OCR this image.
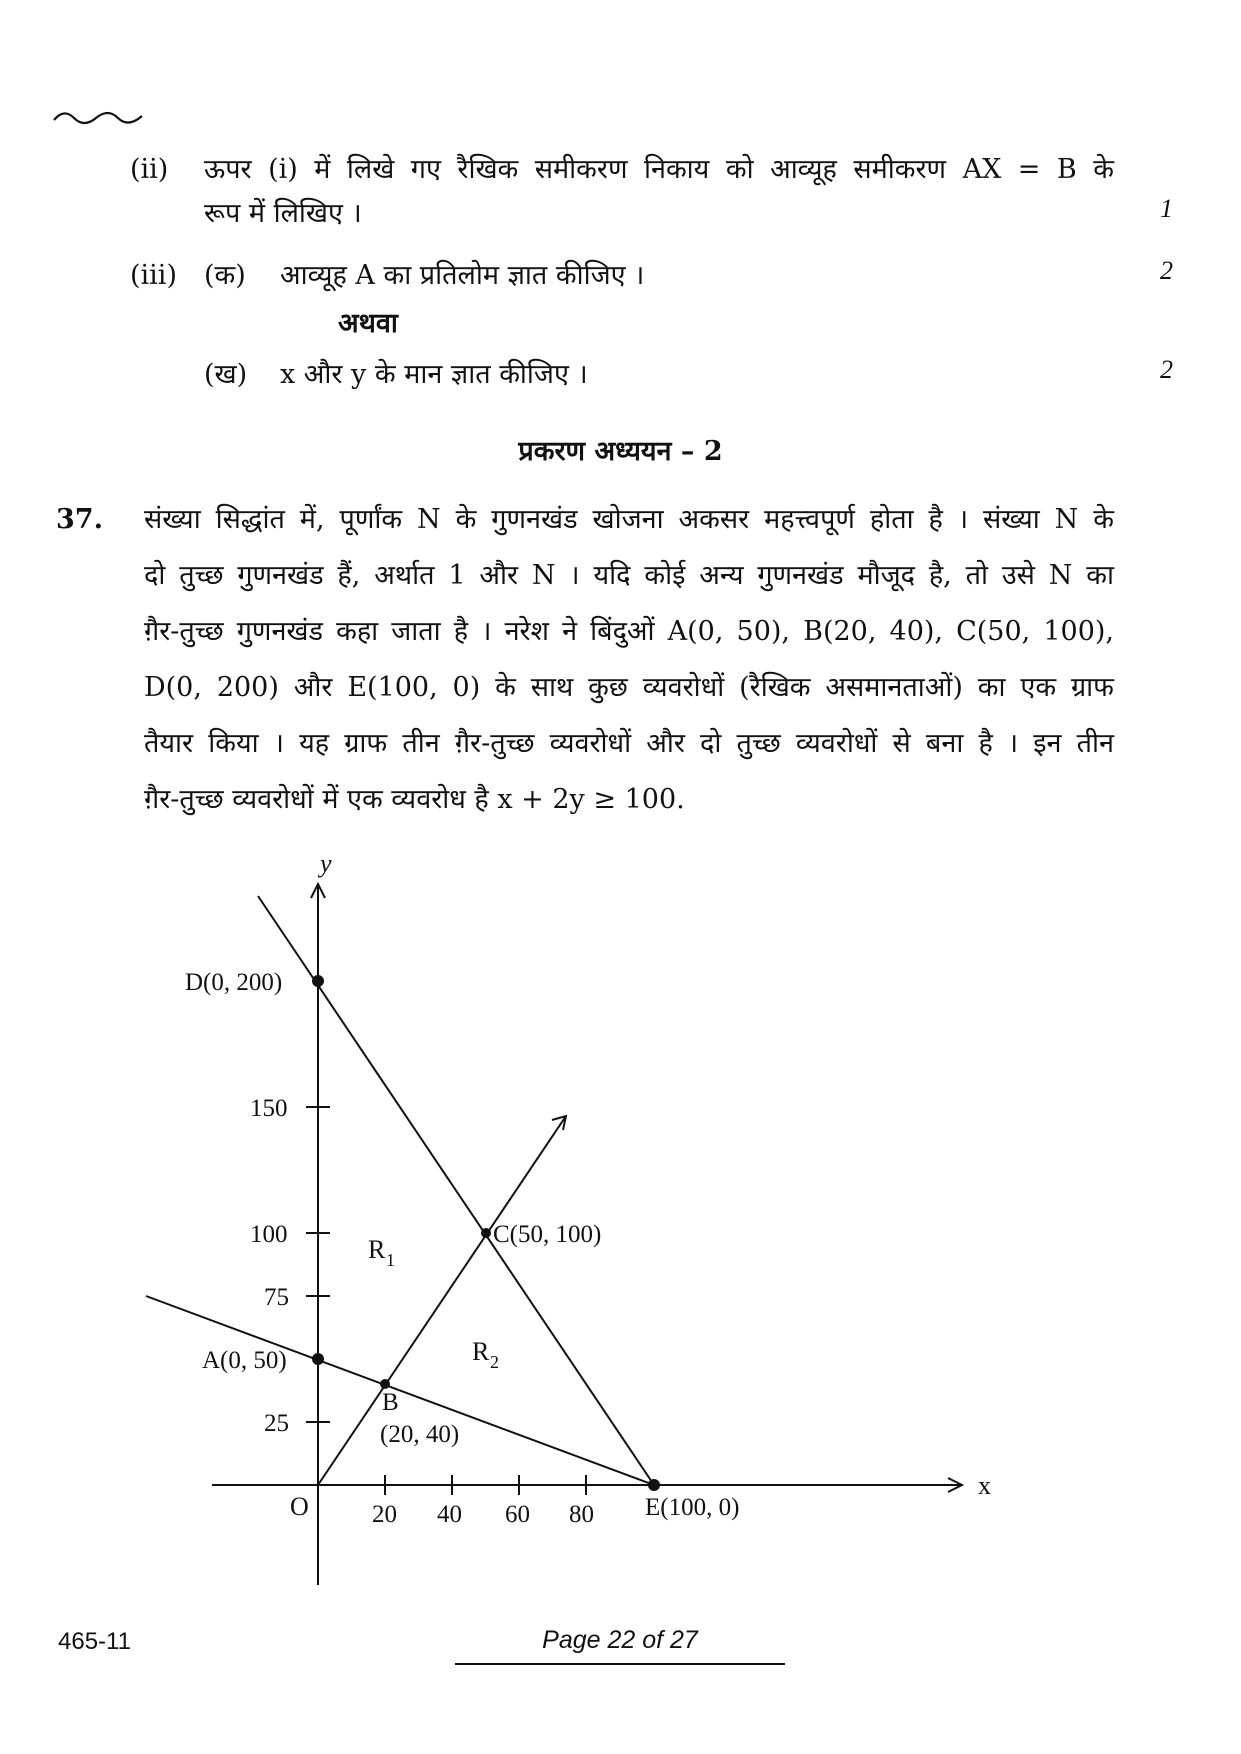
(ii) ऊपर (i) में लिखे गए रैखिक समीकरण निकाय को आव्यूह समीकरण AX = B के
रूप में लिखिए ।	1
(iii) (क) आव्यूह A का प्रतिलोम ज्ञात कीजिए ।	2
अथवा
(ख) x और y के मान ज्ञात कीजिए ।	2
प्रकरण अध्ययन – 2
37. संख्या सिद्धांत में, पूर्णांक N के गुणनखंड खोजना अकसर महत्त्वपूर्ण होता है । संख्या N के
दो तुच्छ गुणनखंड हैं, अर्थात 1 और N । यदि कोई अन्य गुणनखंड मौजूद है, तो उसे N का
ग़ैर-तुच्छ गुणनखंड कहा जाता है । नरेश ने बिंदुओं A(0, 50), B(20, 40), C(50, 100),
D(0, 200) और E(100, 0) के साथ कुछ व्यवरोधों (रैखिक असमानताओं) का एक ग्राफ
तैयार किया । यह ग्राफ तीन ग़ैर-तुच्छ व्यवरोधों और दो तुच्छ व्यवरोधों से बना है । इन तीन
ग़ैर-तुच्छ व्यवरोधों में एक व्यवरोध है x + 2y ≥ 100.
y
x
O
150
100
75
25
20 40 60 80
D(0, 200)
C(50, 100)
A(0, 50)
B
(20, 40)
E(100, 0)
R 1
R 2
465-11	Page 22 of 27
